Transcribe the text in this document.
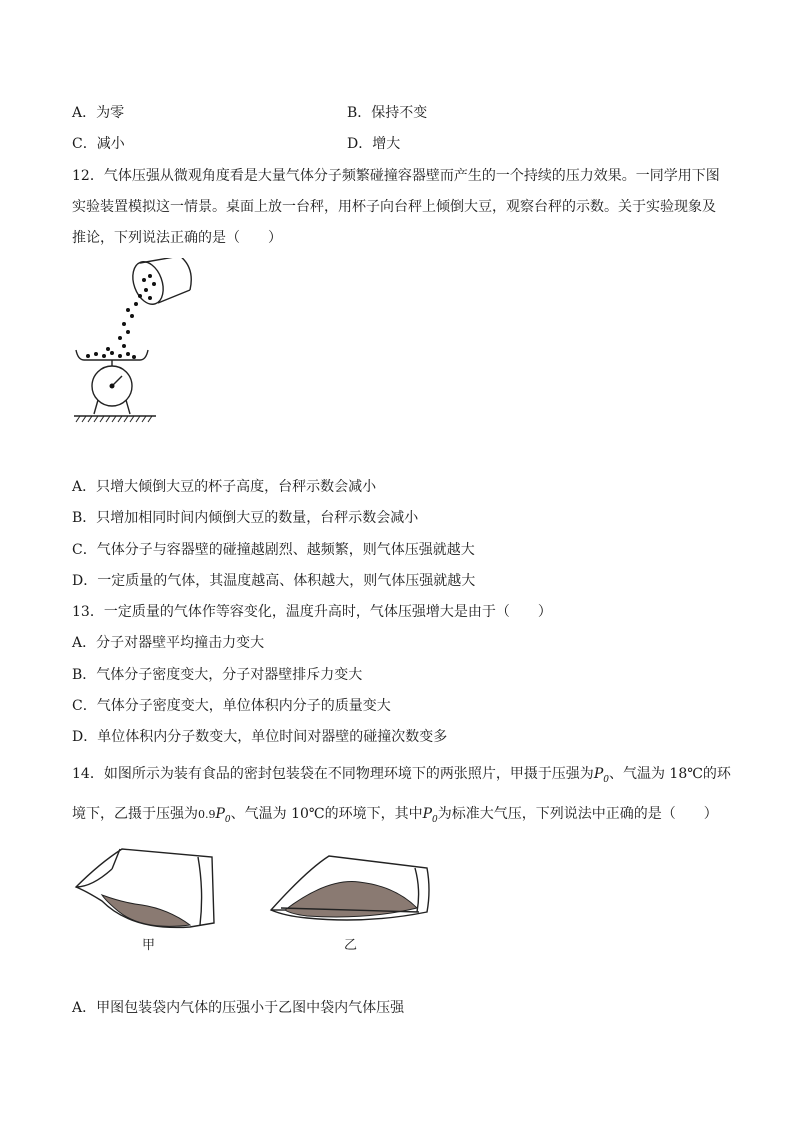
A．为零	B．保持不变
C．减小	D．增大
12．气体压强从微观角度看是大量气体分子频繁碰撞容器壁而产生的一个持续的压力效果。一同学用下图
实验装置模拟这一情景。桌面上放一台秤，用杯子向台秤上倾倒大豆，观察台秤的示数。关于实验现象及
推论，下列说法正确的是（　　）
A．只增大倾倒大豆的杯子高度，台秤示数会减小
B．只增加相同时间内倾倒大豆的数量，台秤示数会减小
C．气体分子与容器壁的碰撞越剧烈、越频繁，则气体压强就越大
D．一定质量的气体，其温度越高、体积越大，则气体压强就越大
13．一定质量的气体作等容变化，温度升高时，气体压强增大是由于（　　）
A．分子对器壁平均撞击力变大
B．气体分子密度变大，分子对器壁排斥力变大
C．气体分子密度变大，单位体积内分子的质量变大
D．单位体积内分子数变大，单位时间对器壁的碰撞次数变多
14．如图所示为装有食品的密封包装袋在不同物理环境下的两张照片，甲摄于压强为$P_0$、气温为 18℃的环
境下，乙摄于压强为$0.9P_0$、气温为 10℃的环境下，其中$P_0$为标准大气压，下列说法中正确的是（　　）
甲	乙
A．甲图包装袋内气体的压强小于乙图中袋内气体压强
